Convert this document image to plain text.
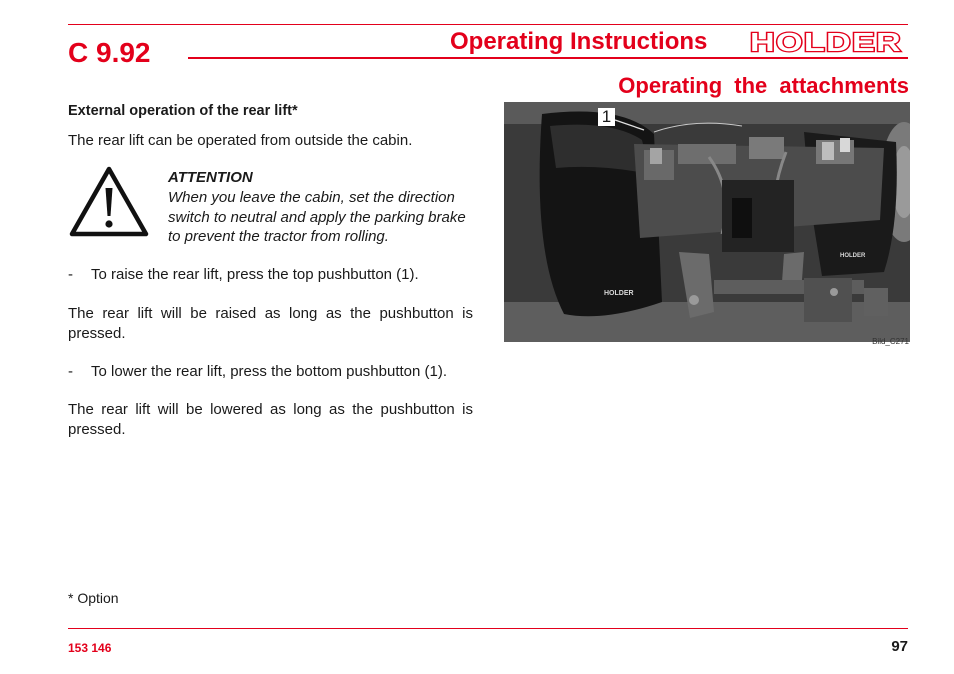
C 9.92	Operating Instructions HOLDER
Operating the attachments
External operation of the rear lift*
The rear lift can be operated from outside the cabin.
ATTENTION
When you leave the cabin, set the direction switch to neutral and apply the parking brake to prevent the tractor from rolling.
- To raise the rear lift, press the top pushbutton (1).
The rear lift will be raised as long as the pushbutton is pressed.
- To lower the rear lift, press the bottom pushbutton (1).
The rear lift will be lowered as long as the pushbutton is pressed.
HOLDER
HOLDER
1
Bild_C271
* Option
153 146	97
